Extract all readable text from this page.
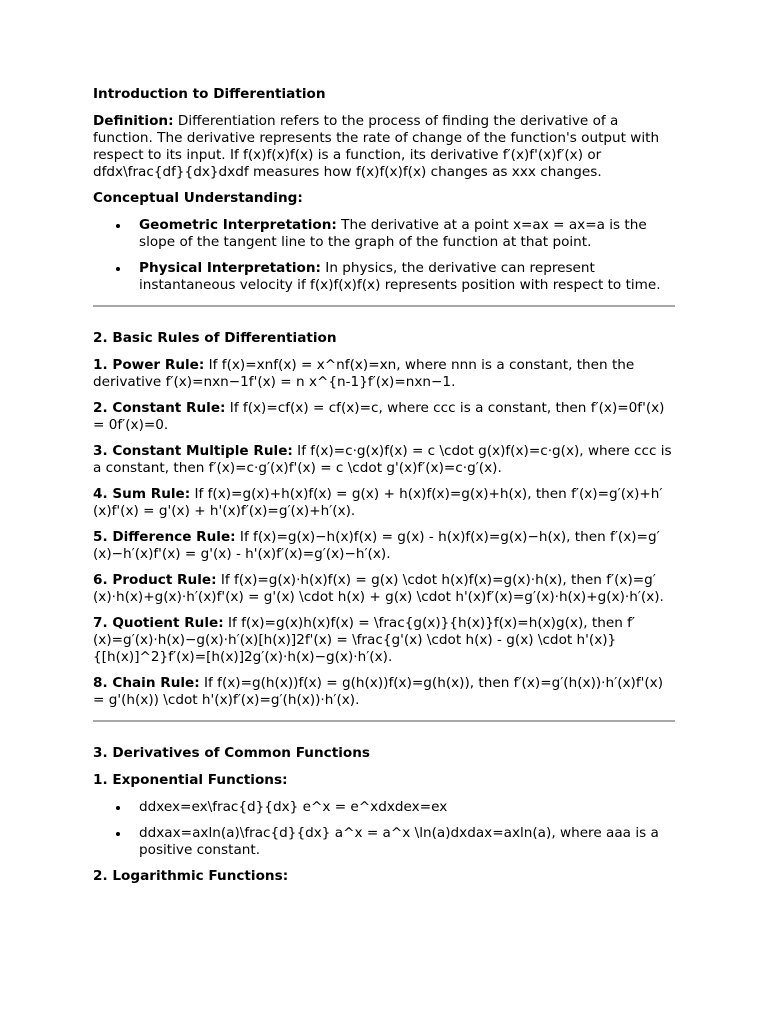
Introduction to Differentiation
Definition: Differentiation refers to the process of finding the derivative of a function. The derivative represents the rate of change of the function's output with respect to its input. If f(x)f(x)f(x) is a function, its derivative f′(x)f'(x)f′(x) or dfdx\frac{df}{dx}dxdf measures how f(x)f(x)f(x) changes as xxx changes.
Conceptual Understanding:
Geometric Interpretation: The derivative at a point x=ax = ax=a is the slope of the tangent line to the graph of the function at that point.
Physical Interpretation: In physics, the derivative can represent instantaneous velocity if f(x)f(x)f(x) represents position with respect to time.
2. Basic Rules of Differentiation
1. Power Rule: If f(x)=xnf(x) = x^nf(x)=xn, where nnn is a constant, then the derivative f′(x)=nxn−1f'(x) = n x^{n-1}f′(x)=nxn−1.
2. Constant Rule: If f(x)=cf(x) = cf(x)=c, where ccc is a constant, then f′(x)=0f'(x) = 0f′(x)=0.
3. Constant Multiple Rule: If f(x)=c⋅g(x)f(x) = c \cdot g(x)f(x)=c⋅g(x), where ccc is a constant, then f′(x)=c⋅g′(x)f'(x) = c \cdot g'(x)f′(x)=c⋅g′(x).
4. Sum Rule: If f(x)=g(x)+h(x)f(x) = g(x) + h(x)f(x)=g(x)+h(x), then f′(x)=g′(x)+h′(x)f'(x) = g'(x) + h'(x)f′(x)=g′(x)+h′(x).
5. Difference Rule: If f(x)=g(x)−h(x)f(x) = g(x) - h(x)f(x)=g(x)−h(x), then f′(x)=g′(x)−h′(x)f'(x) = g'(x) - h'(x)f′(x)=g′(x)−h′(x).
6. Product Rule: If f(x)=g(x)⋅h(x)f(x) = g(x) \cdot h(x)f(x)=g(x)⋅h(x), then f′(x)=g′(x)⋅h(x)+g(x)⋅h′(x)f'(x) = g'(x) \cdot h(x) + g(x) \cdot h'(x)f′(x)=g′(x)⋅h(x)+g(x)⋅h′(x).
7. Quotient Rule: If f(x)=g(x)h(x)f(x) = \frac{g(x)}{h(x)}f(x)=h(x)g(x), then f′(x)=g′(x)⋅h(x)−g(x)⋅h′(x)[h(x)]2f'(x) = \frac{g'(x) \cdot h(x) - g(x) \cdot h'(x)}{[h(x)]^2}f′(x)=[h(x)]2g′(x)⋅h(x)−g(x)⋅h′(x).
8. Chain Rule: If f(x)=g(h(x))f(x) = g(h(x))f(x)=g(h(x)), then f′(x)=g′(h(x))⋅h′(x)f'(x) = g'(h(x)) \cdot h'(x)f′(x)=g′(h(x))⋅h′(x).
3. Derivatives of Common Functions
1. Exponential Functions:
ddxex=ex\frac{d}{dx} e^x = e^xdxdex=ex
ddxax=axln(a)\frac{d}{dx} a^x = a^x \ln(a)dxdax=axln(a), where aaa is a positive constant.
2. Logarithmic Functions:
